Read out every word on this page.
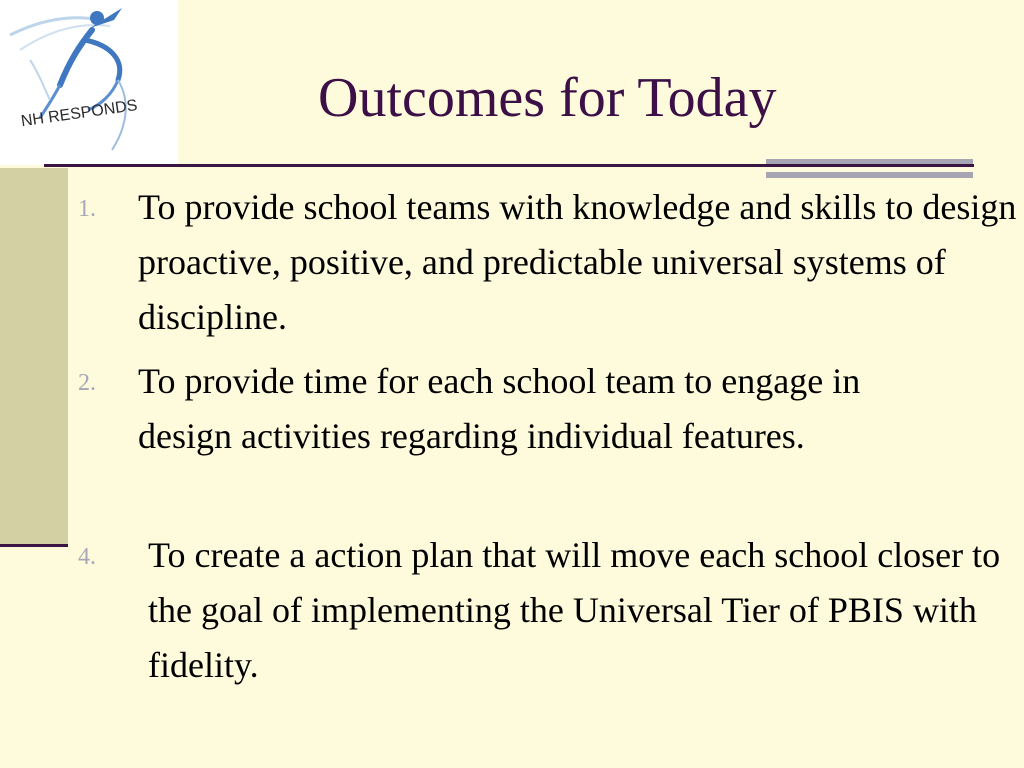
NH RESPONDS	Outcomes for Today
1. To provide school teams with knowledge and skills to design proactive, positive, and predictable universal systems of discipline.
2. To provide time for each school team to engage in design activities regarding individual features.
4. To create a action plan that will move each school closer to the goal of implementing the Universal Tier of PBIS with fidelity.
